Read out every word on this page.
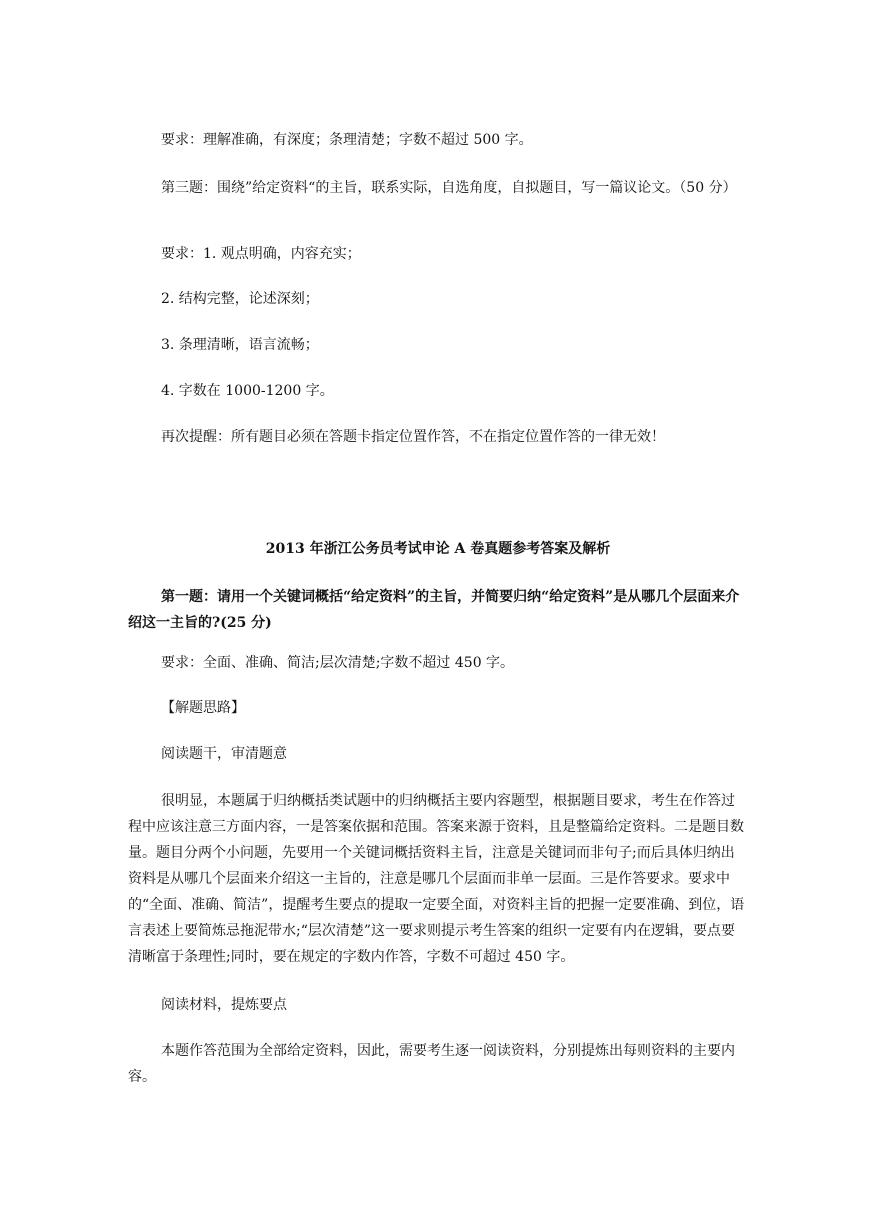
要求：理解准确，有深度；条理清楚；字数不超过 500 字。

第三题：围绕”给定资料“的主旨，联系实际，自选角度，自拟题目，写一篇议论文。（50 分）

要求：1. 观点明确，内容充实；

2. 结构完整，论述深刻；

3. 条理清晰，语言流畅；

4. 字数在 1000-1200 字。

再次提醒：所有题目必须在答题卡指定位置作答，不在指定位置作答的一律无效！

2013 年浙江公务员考试申论 A 卷真题参考答案及解析

第一题：请用一个关键词概括“给定资料”的主旨，并简要归纳“给定资料”是从哪几个层面来介绍这一主旨的?(25 分)

要求：全面、准确、简洁;层次清楚;字数不超过 450 字。

【解题思路】

阅读题干，审清题意

很明显，本题属于归纳概括类试题中的归纳概括主要内容题型，根据题目要求，考生在作答过程中应该注意三方面内容，一是答案依据和范围。答案来源于资料，且是整篇给定资料。二是题目数量。题目分两个小问题，先要用一个关键词概括资料主旨，注意是关键词而非句子;而后具体归纳出资料是从哪几个层面来介绍这一主旨的，注意是哪几个层面而非单一层面。三是作答要求。要求中的“全面、准确、简洁”，提醒考生要点的提取一定要全面，对资料主旨的把握一定要准确、到位，语言表述上要简炼忌拖泥带水;“层次清楚”这一要求则提示考生答案的组织一定要有内在逻辑，要点要清晰富于条理性;同时，要在规定的字数内作答，字数不可超过 450 字。

阅读材料，提炼要点

本题作答范围为全部给定资料，因此，需要考生逐一阅读资料，分别提炼出每则资料的主要内容。
